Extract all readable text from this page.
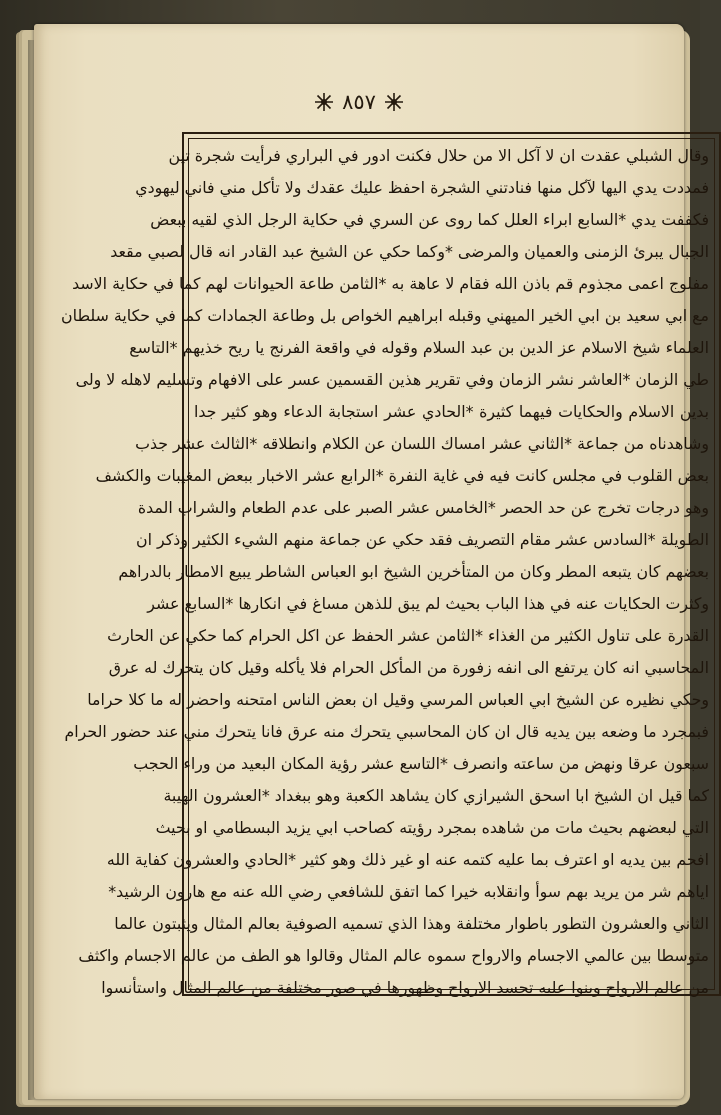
٨٥٧
وقال الشبلي عقدت ان لا آكل الا من حلال فكنت ادور في البراري فرأيت شجرة تين
فمددت يدي اليها لآكل منها فنادتني الشجرة احفظ عليك عقدك ولا تأكل مني فاني ليهودي
فكففت يدي *السابع ابراء العلل كما روى عن السري في حكاية الرجل الذي لقيه ببعض
الجبال يبرئ الزمنى والعميان والمرضى *وكما حكي عن الشيخ عبد القادر انه قال لصبي مقعد
مفلوج اعمى مجذوم قم باذن الله فقام لا عاهة به *الثامن طاعة الحيوانات لهم كما في حكاية الاسد
مع ابي سعيد بن ابي الخير الميهني وقبله ابراهيم الخواص بل وطاعة الجمادات كما في حكاية سلطان
العلماء شيخ الاسلام عز الدين بن عبد السلام وقوله في واقعة الفرنج يا ريح خذيهم *التاسع
طي الزمان *العاشر نشر الزمان وفي تقرير هذين القسمين عسر على الافهام وتسليم لاهله لا ولى
بدين الاسلام والحكايات فيهما كثيرة *الحادي عشر استجابة الدعاء وهو كثير جدا
وشاهدناه من جماعة *الثاني عشر امساك اللسان عن الكلام وانطلاقه *الثالث عشر جذب
بعض القلوب في مجلس كانت فيه في غاية النفرة *الرابع عشر الاخبار ببعض المغيبات والكشف
وهو درجات تخرج عن حد الحصر *الخامس عشر الصبر على عدم الطعام والشراب المدة
الطويلة *السادس عشر مقام التصريف فقد حكي عن جماعة منهم الشيء الكثير وذكر ان
بعضهم كان يتبعه المطر وكان من المتأخرين الشيخ ابو العباس الشاطر يبيع الامطار بالدراهم
وكثرت الحكايات عنه في هذا الباب بحيث لم يبق للذهن مساغ في انكارها *السابع عشر
القدرة على تناول الكثير من الغذاء *الثامن عشر الحفظ عن اكل الحرام كما حكي عن الحارث
المحاسبي انه كان يرتفع الى انفه زفورة من المأكل الحرام فلا يأكله وقيل كان يتحرك له عرق
وحكي نظيره عن الشيخ ابي العباس المرسي وقيل ان بعض الناس امتحنه واحضر له ما كلا حراما
فبمجرد ما وضعه بين يديه قال ان كان المحاسبي يتحرك منه عرق فانا يتحرك مني عند حضور الحرام
سبعون عرقا ونهض من ساعته وانصرف *التاسع عشر رؤية المكان البعيد من وراء الحجب
كما قيل ان الشيخ ابا اسحق الشيرازي كان يشاهد الكعبة وهو ببغداد *العشرون الهيبة
التي لبعضهم بحيث مات من شاهده بمجرد رؤيته كصاحب ابي يزيد البسطامي او بحيث
افحم بين يديه او اعترف بما عليه كتمه عنه او غير ذلك وهو كثير *الحادي والعشرون كفاية الله
اياهم شر من يريد بهم سوأ وانقلابه خيرا كما اتفق للشافعي رضي الله عنه مع هارون الرشيد*
الثاني والعشرون التطور باطوار مختلفة وهذا الذي تسميه الصوفية بعالم المثال ويثبتون عالما
متوسطا بين عالمي الاجسام والارواح سموه عالم المثال وقالوا هو الطف من عالم الاجسام واكثف
من عالم الارواح وبنوا عليه تجسد الارواح وظهورها في صور مختلفة من عالم المثال واستأنسوا
